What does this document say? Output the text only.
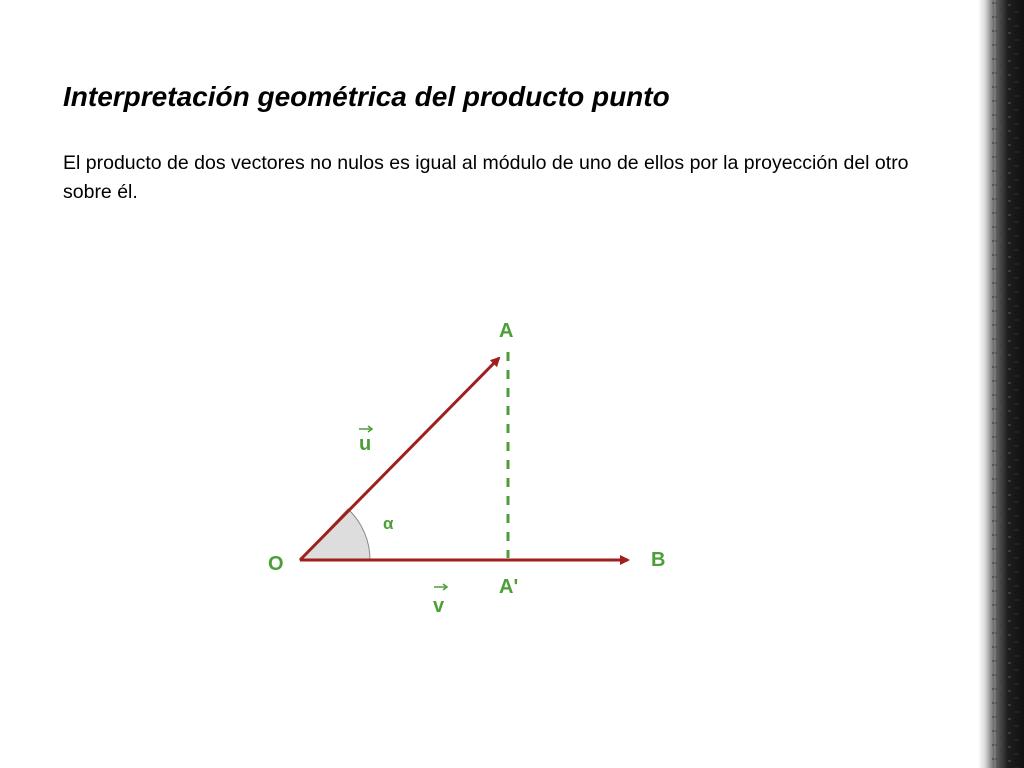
Interpretación geométrica del producto punto

El producto de dos vectores no nulos es igual al módulo de uno de ellos por la proyección del otro sobre él.

A
A'
B
O
α
u
v
